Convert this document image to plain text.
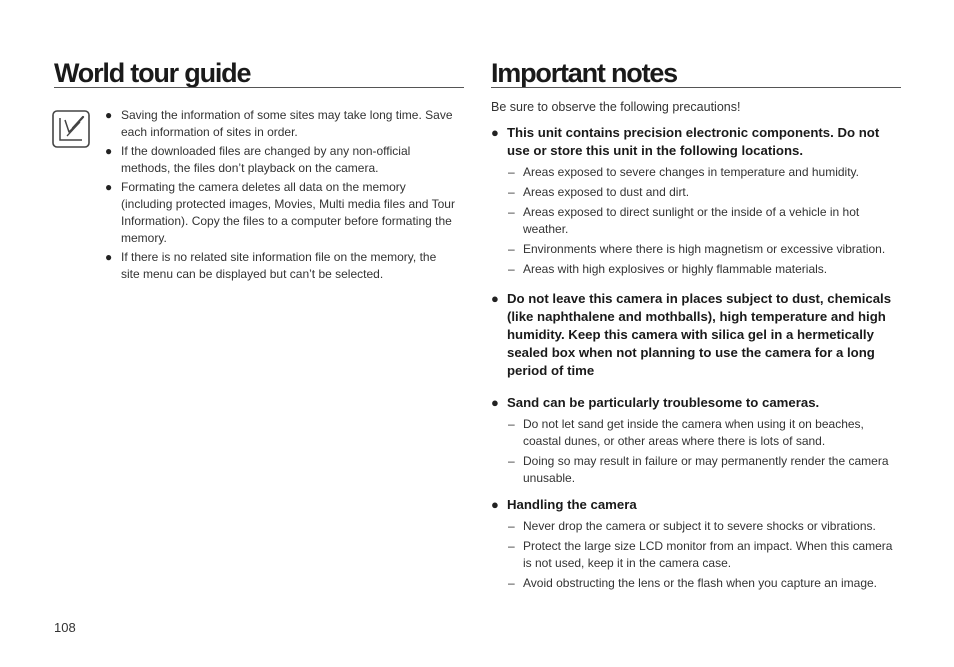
World tour guide	Important notes
● Saving the information of some sites may take long time. Save each information of sites in order.
● If the downloaded files are changed by any non-official methods, the files don’t playback on the camera.
● Formating the camera deletes all data on the memory (including protected images, Movies, Multi media files and Tour Information). Copy the files to a computer before formating the memory.
● If there is no related site information file on the memory, the site menu can be displayed but can’t be selected.

Be sure to observe the following precautions!

● This unit contains precision electronic components. Do not use or store this unit in the following locations.

– Areas exposed to severe changes in temperature and humidity.
– Areas exposed to dust and dirt.
– Areas exposed to direct sunlight or the inside of a vehicle in hot weather.
– Environments where there is high magnetism or excessive vibration.
– Areas with high explosives or highly flammable materials.

● Do not leave this camera in places subject to dust, chemicals (like naphthalene and mothballs), high temperature and high humidity. Keep this camera with silica gel in a hermetically sealed box when not planning to use the camera for a long period of time

● Sand can be particularly troublesome to cameras.

– Do not let sand get inside the camera when using it on beaches, coastal dunes, or other areas where there is lots of sand.
– Doing so may result in failure or may permanently render the camera unusable.

● Handling the camera

– Never drop the camera or subject it to severe shocks or vibrations.
– Protect the large size LCD monitor from an impact. When this camera is not used, keep it in the camera case.
– Avoid obstructing the lens or the flash when you capture an image.

108
